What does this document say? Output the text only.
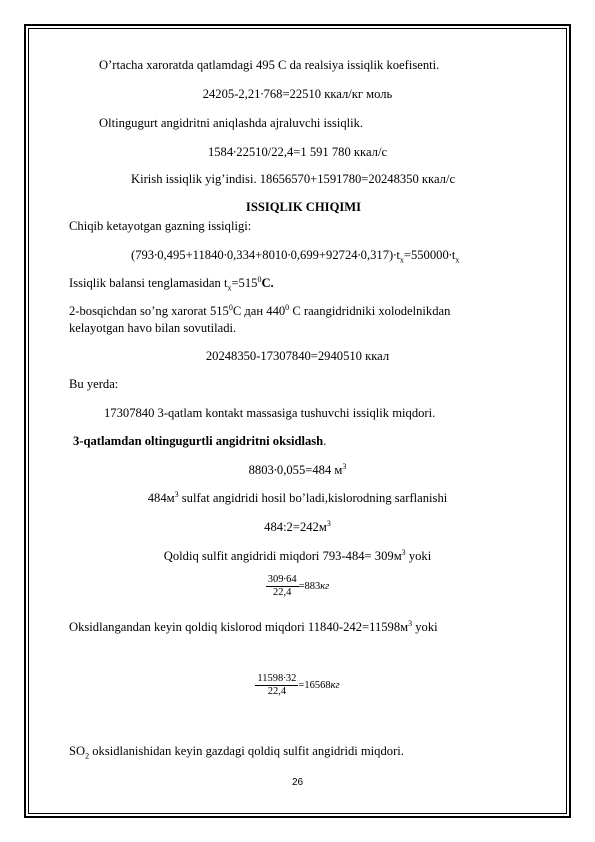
O’rtacha xaroratda qatlamdagi 495 C da realsiya issiqlik koefisenti.
24205-2,21∙768=22510 ккал/кг моль
Oltingugurt angidritni aniqlashda ajraluvchi issiqlik.
1584∙22510/22,4=1 591 780 ккал/с
Kirish issiqlik yig’indisi. 18656570+1591780=20248350 ккал/с
ISSIQLIK CHIQIMI
Chiqib ketayotgan gazning issiqligi:
$(793\cdot 0,495+11840\cdot 0,334+8010\cdot 0,699+92724\cdot 0,317)\cdot t_x=550000\cdot t_x$
Issiqlik balansi tenglamasidan $t_x=515^0C$.
2-bosqichdan so’ng xarorat $515^0C$ дан $440^0$ C raangidridniki xolodelnikdan
kelayotgan havo bilan sovutiladi.
20248350-17307840=2940510 ккал
Bu yerda:
17307840 3-qatlam kontakt massasiga tushuvchi issiqlik miqdori.
3-qatlamdan oltingugurtli angidritni oksidlash.
8803∙0,055=484 $м^3$
$484м^3$ sulfat angidridi hosil bo’ladi,kislorodning sarflanishi
$484:2=242м^3$
Qoldiq sulfit angidridi miqdori $793-484= 309м^3$ yoki
$\frac{309\cdot 64}{22,4} =883кг$
Oksidlangandan keyin qoldiq kislorod miqdori $11840-242=11598м^3$ yoki
$\frac{11598\cdot 32}{22,4} =16568кг$
$SO_2$ oksidlanishidan keyin gazdagi qoldiq sulfit angidridi miqdori.
26
